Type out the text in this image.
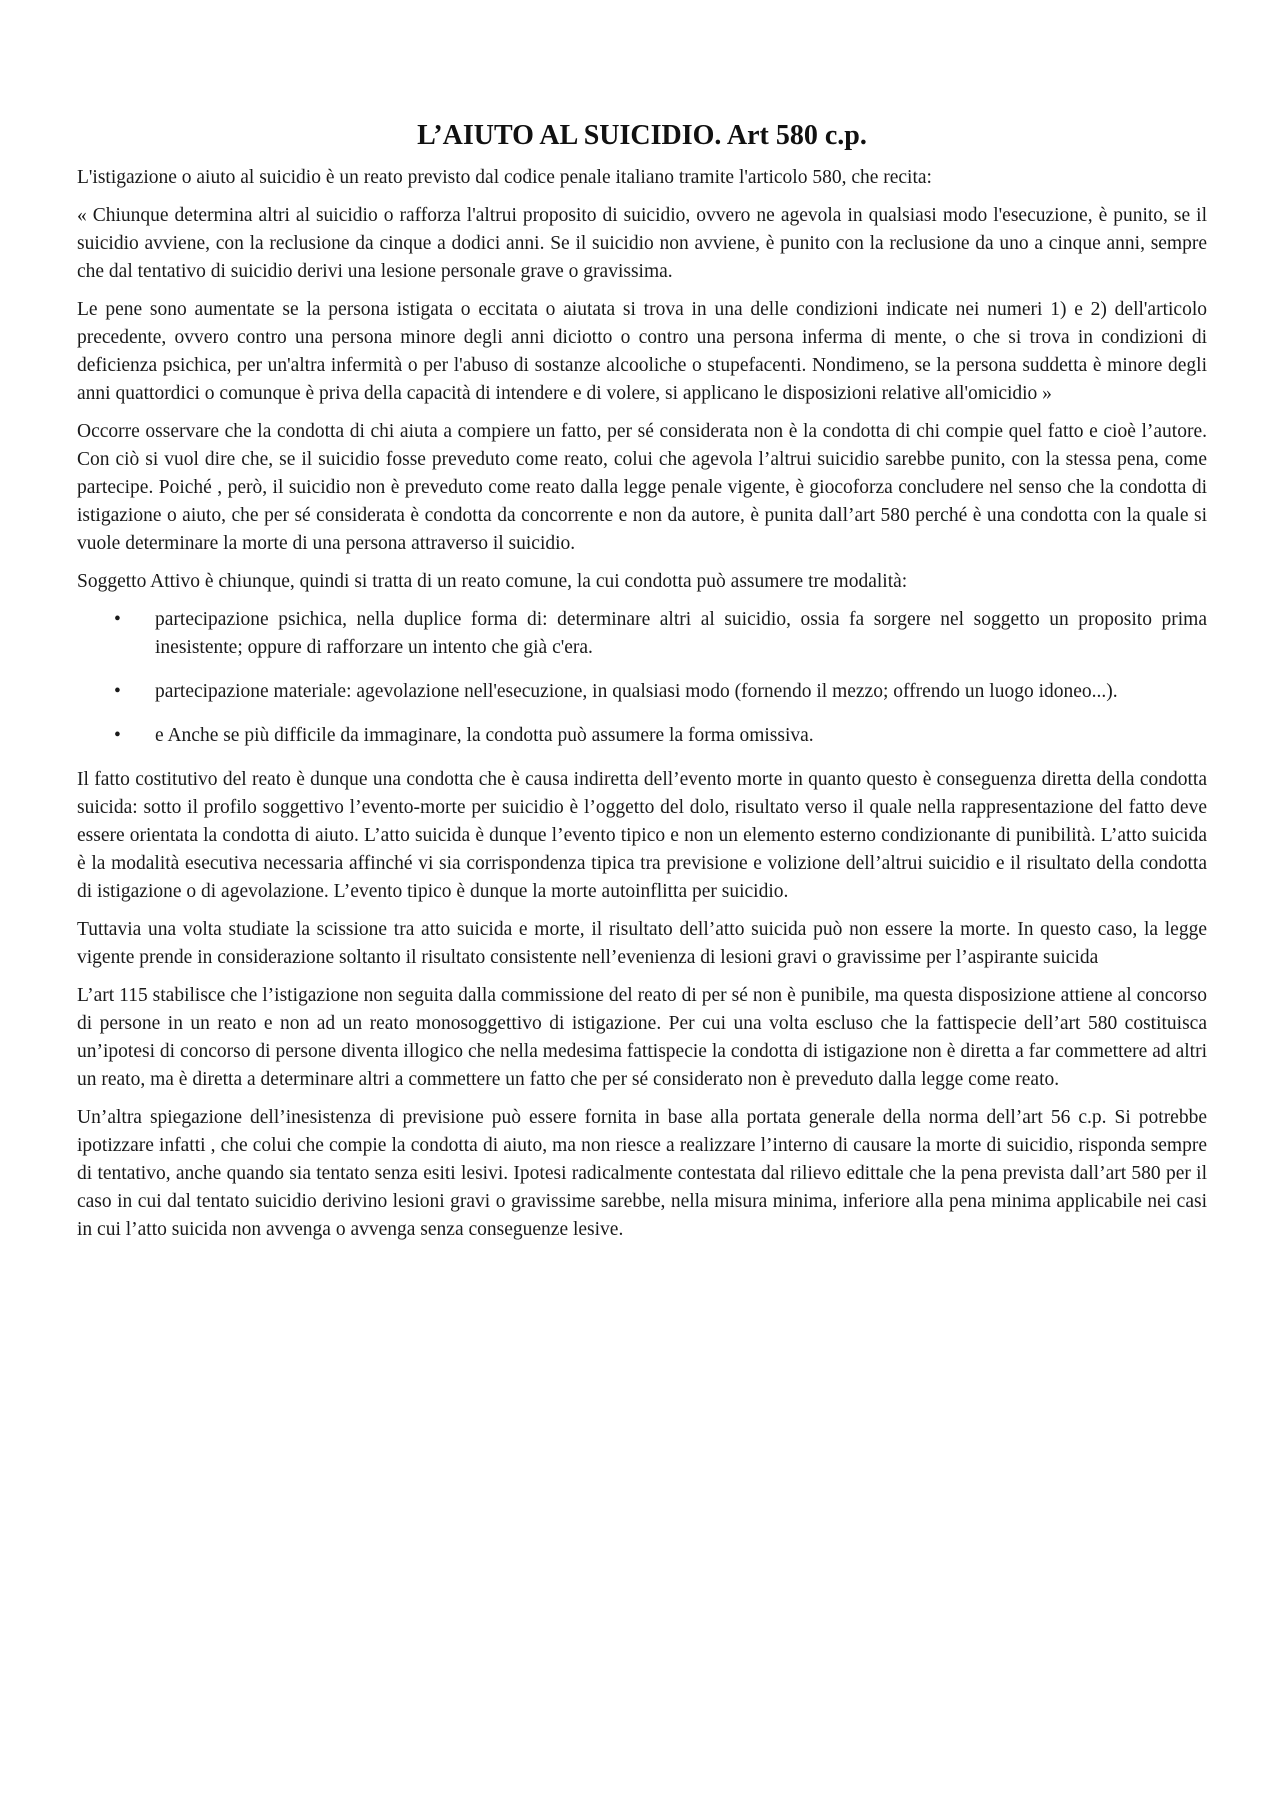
L’AIUTO AL SUICIDIO. Art 580 c.p.

L'istigazione o aiuto al suicidio è un reato previsto dal codice penale italiano tramite l'articolo 580, che recita:

« Chiunque determina altri al suicidio o rafforza l'altrui proposito di suicidio, ovvero ne agevola in qualsiasi modo l'esecuzione, è punito, se il suicidio avviene, con la reclusione da cinque a dodici anni. Se il suicidio non avviene, è punito con la reclusione da uno a cinque anni, sempre che dal tentativo di suicidio derivi una lesione personale grave o gravissima.

Le pene sono aumentate se la persona istigata o eccitata o aiutata si trova in una delle condizioni indicate nei numeri 1) e 2) dell'articolo precedente, ovvero contro una persona minore degli anni diciotto o contro una persona inferma di mente, o che si trova in condizioni di deficienza psichica, per un'altra infermità o per l'abuso di sostanze alcooliche o stupefacenti. Nondimeno, se la persona suddetta è minore degli anni quattordici o comunque è priva della capacità di intendere e di volere, si applicano le disposizioni relative all'omicidio »

Occorre osservare che la condotta di chi aiuta a compiere un fatto, per sé considerata non è la condotta di chi compie quel fatto e cioè l’autore. Con ciò si vuol dire che, se il suicidio fosse preveduto come reato, colui che agevola l’altrui suicidio sarebbe punito, con la stessa pena, come partecipe. Poiché , però, il suicidio non è preveduto come reato dalla legge penale vigente, è giocoforza concludere nel senso che la condotta di istigazione o aiuto, che per sé considerata è condotta da concorrente e non da autore, è punita dall’art 580 perché è una condotta con la quale si vuole determinare la morte di una persona attraverso il suicidio.

Soggetto Attivo è chiunque, quindi si tratta di un reato comune, la cui condotta può assumere tre modalità:

• partecipazione psichica, nella duplice forma di: determinare altri al suicidio, ossia fa sorgere nel soggetto un proposito prima inesistente; oppure di rafforzare un intento che già c'era.
• partecipazione materiale: agevolazione nell'esecuzione, in qualsiasi modo (fornendo il mezzo; offrendo un luogo idoneo...).
• e Anche se più difficile da immaginare, la condotta può assumere la forma omissiva.

Il fatto costitutivo del reato è dunque una condotta che è causa indiretta dell’evento morte in quanto questo è conseguenza diretta della condotta suicida: sotto il profilo soggettivo l’evento-morte per suicidio è l’oggetto del dolo, risultato verso il quale nella rappresentazione del fatto deve essere orientata la condotta di aiuto. L’atto suicida è dunque l’evento tipico e non un elemento esterno condizionante di punibilità. L’atto suicida è la modalità esecutiva necessaria affinché vi sia corrispondenza tipica tra previsione e volizione dell’altrui suicidio e il risultato della condotta di istigazione o di agevolazione. L’evento tipico è dunque la morte autoinflitta per suicidio.

Tuttavia una volta studiate la scissione tra atto suicida e morte, il risultato dell’atto suicida può non essere la morte. In questo caso, la legge vigente prende in considerazione soltanto il risultato consistente nell’evenienza di lesioni gravi o gravissime per l’aspirante suicida

L’art 115 stabilisce che l’istigazione non seguita dalla commissione del reato di per sé non è punibile, ma questa disposizione attiene al concorso di persone in un reato e non ad un reato monosoggettivo di istigazione. Per cui una volta escluso che la fattispecie dell’art 580 costituisca un’ipotesi di concorso di persone diventa illogico che nella medesima fattispecie la condotta di istigazione non è diretta a far commettere ad altri un reato, ma è diretta a determinare altri a commettere un fatto che per sé considerato non è preveduto dalla legge come reato.

Un’altra spiegazione dell’inesistenza di previsione può essere fornita in base alla portata generale della norma dell’art 56 c.p. Si potrebbe ipotizzare infatti , che colui che compie la condotta di aiuto, ma non riesce a realizzare l’interno di causare la morte di suicidio, risponda sempre di tentativo, anche quando sia tentato senza esiti lesivi. Ipotesi radicalmente contestata dal rilievo edittale che la pena prevista dall’art 580 per il caso in cui dal tentato suicidio derivino lesioni gravi o gravissime sarebbe, nella misura minima, inferiore alla pena minima applicabile nei casi in cui l’atto suicida non avvenga o avvenga senza conseguenze lesive.
